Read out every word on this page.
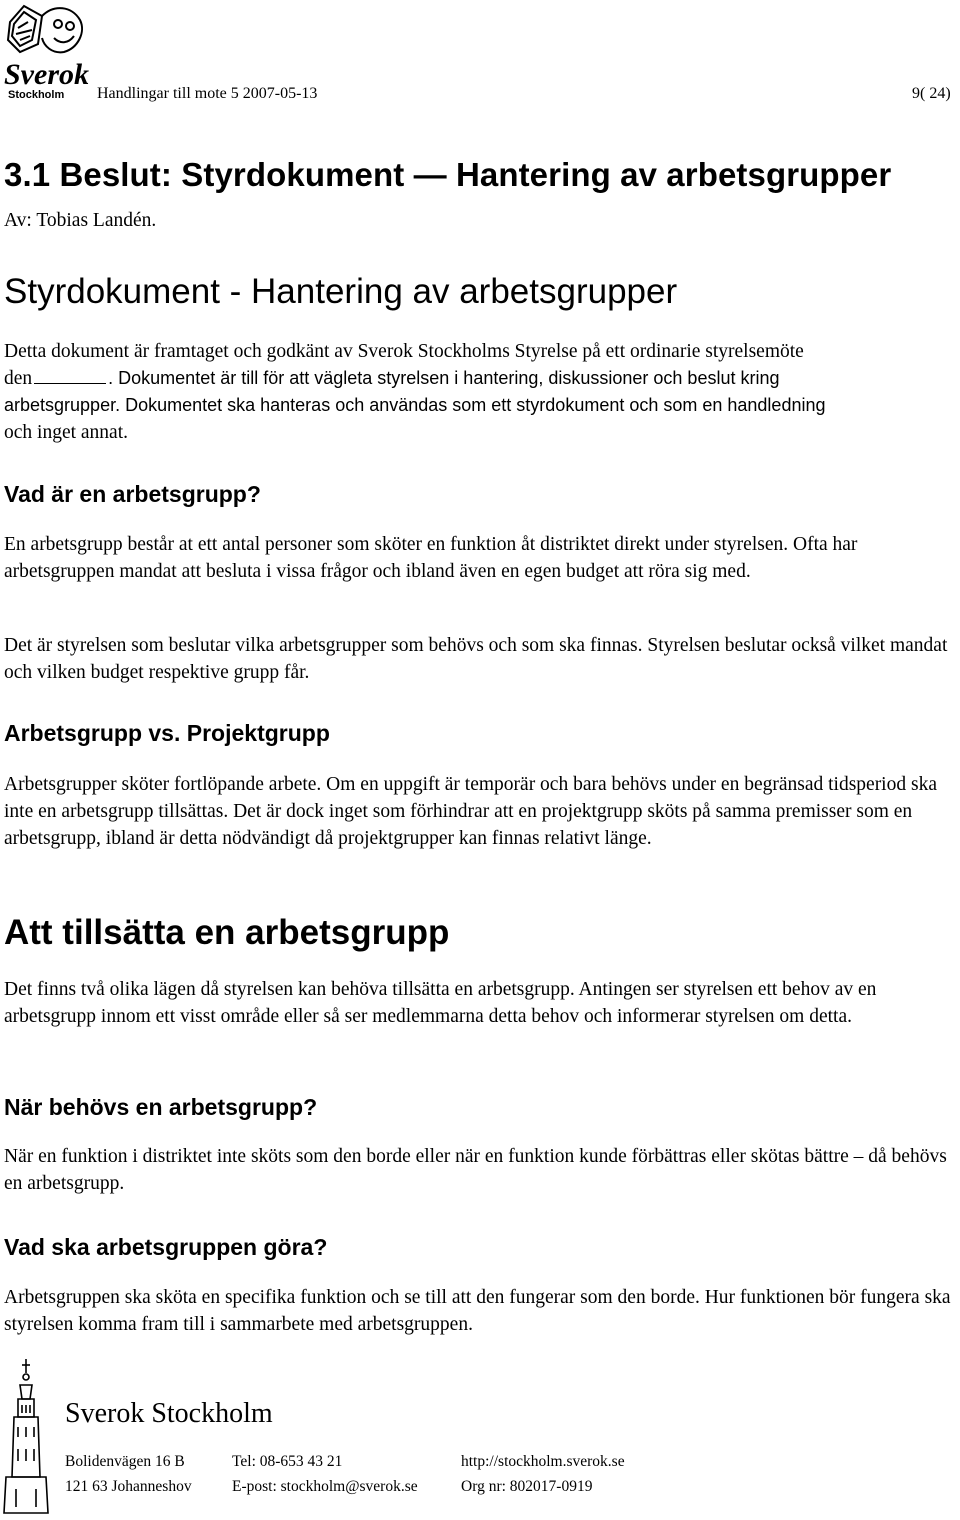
Sverok
Stockholm Handlingar till mote 5 2007-05-13	9( 24)
3.1 Beslut: Styrdokument — Hantering av arbetsgrupper
Av: Tobias Landén.
Styrdokument - Hantering av arbetsgrupper
Detta dokument är framtaget och godkänt av Sverok Stockholms Styrelse på ett ordinarie styrelsemöte
den	. Dokumentet är till för att vägleta styrelsen i hantering, diskussioner och beslut kring
arbetsgrupper. Dokumentet ska hanteras och användas som ett styrdokument och som en handledning
och inget annat.
Vad är en arbetsgrupp?
En arbetsgrupp består at ett antal personer som sköter en funktion åt distriktet direkt under styrelsen. Ofta har arbetsgruppen mandat att besluta i vissa frågor och ibland även en egen budget att röra sig med.
Det är styrelsen som beslutar vilka arbetsgrupper som behövs och som ska finnas. Styrelsen beslutar också vilket mandat och vilken budget respektive grupp får.
Arbetsgrupp vs. Projektgrupp
Arbetsgrupper sköter fortlöpande arbete. Om en uppgift är temporär och bara behövs under en begränsad tidsperiod ska inte en arbetsgrupp tillsättas. Det är dock inget som förhindrar att en projektgrupp sköts på samma premisser som en arbetsgrupp, ibland är detta nödvändigt då projektgrupper kan finnas relativt länge.
Att tillsätta en arbetsgrupp
Det finns två olika lägen då styrelsen kan behöva tillsätta en arbetsgrupp. Antingen ser styrelsen ett behov av en arbetsgrupp innom ett visst område eller så ser medlemmarna detta behov och informerar styrelsen om detta.
När behövs en arbetsgrupp?
När en funktion i distriktet inte sköts som den borde eller när en funktion kunde förbättras eller skötas bättre – då behövs en arbetsgrupp.
Vad ska arbetsgruppen göra?
Arbetsgruppen ska sköta en specifika funktion och se till att den fungerar som den borde. Hur funktionen bör fungera ska styrelsen komma fram till i sammarbete med arbetsgruppen.
Sverok Stockholm
Bolidenvägen 16 B
121 63 Johanneshov
Tel: 08-653 43 21
E-post: stockholm@sverok.se
http://stockholm.sverok.se
Org nr: 802017-0919
